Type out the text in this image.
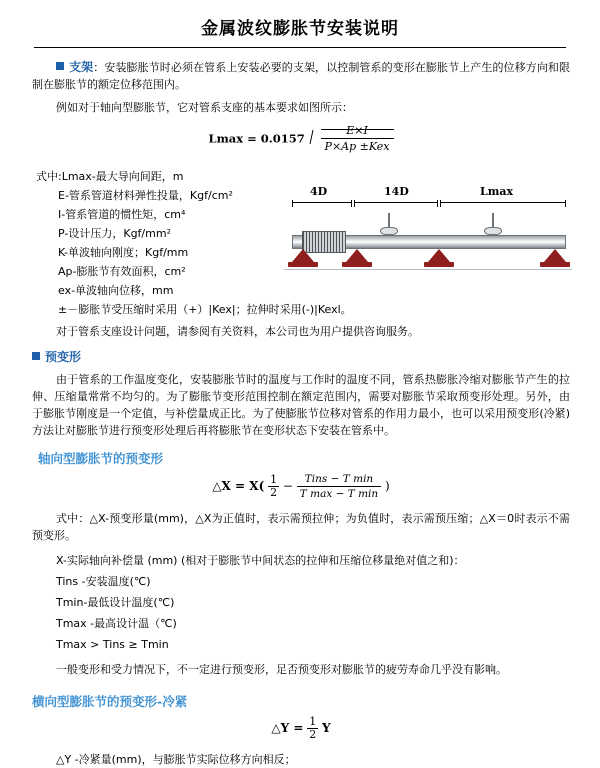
金属波纹膨胀节安装说明

支架：安装膨胀节时必须在管系上安装必要的支架，以控制管系的变形在膨胀节上产生的位移方向和限制在膨胀节的额定位移范围内。

例如对于轴向型膨胀节，它对管系支座的基本要求如图所示：

$Lmax = 0.0157 \frac{E\times I}{\text{P×Ap ±Kex}}$
式中:Lmax-最大导向间距，m
E-管系管道材料弹性投量，Kgf/cm²
I-管系管道的惯性矩，cm⁴
P-设计压力，Kgf/mm²
K-单波轴向刚度；Kgf/mm
Ap-膨胀节有效面积，cm²
ex-单波轴向位移，mm
±－膨胀节受压缩时采用（+）|Kex|；拉伸时采用(-)|Kexl。
4D	14D	Lmax

对于管系支座设计问题，请参阅有关资料，本公司也为用户提供咨询服务。

预变形

由于管系的工作温度变化，安装膨胀节时的温度与工作时的温度不同，管系热膨胀冷缩对膨胀节产生的拉伸、压缩量常常不均匀的。为了膨胀节变形范围控制在额定范围内，需要对膨胀节采取预变形处理。另外，由于膨胀节刚度是一个定值，与补偿量成正比。为了使膨胀节位移对管系的作用力最小，也可以采用预变形(冷紧)方法让对膨胀节进行预变形处理后再将膨胀节在变形状态下安装在管系中。

轴向型膨胀节的预变形
△X = $X( \frac{1}{2} - \frac{\text{Tins − T min}}{\text{T max − T min}}$ )

式中：△X-预变形量(mm)，△X为正值时，表示需预拉伸；为负值时，表示需预压缩；△X＝0时表示不需预变形。

X-实际轴向补偿量 (mm) (相对于膨胀节中间状态的拉伸和压缩位移量绝对值之和)：
Tins -安装温度(℃)
Tmin-最低设计温度(℃)
Tmax -最高设计温（℃)
Tmax > Tins ≥ Tmin

一般变形和受力情况下，不一定进行预变形，足否预变形对膨胀节的疲劳寿命几乎没有影响。

横向型膨胀节的预变形-冷紧
△Y = $\frac{1}{2}$ Y

△Y -冷紧量(mm)，与膨胀节实际位移方向相反；
